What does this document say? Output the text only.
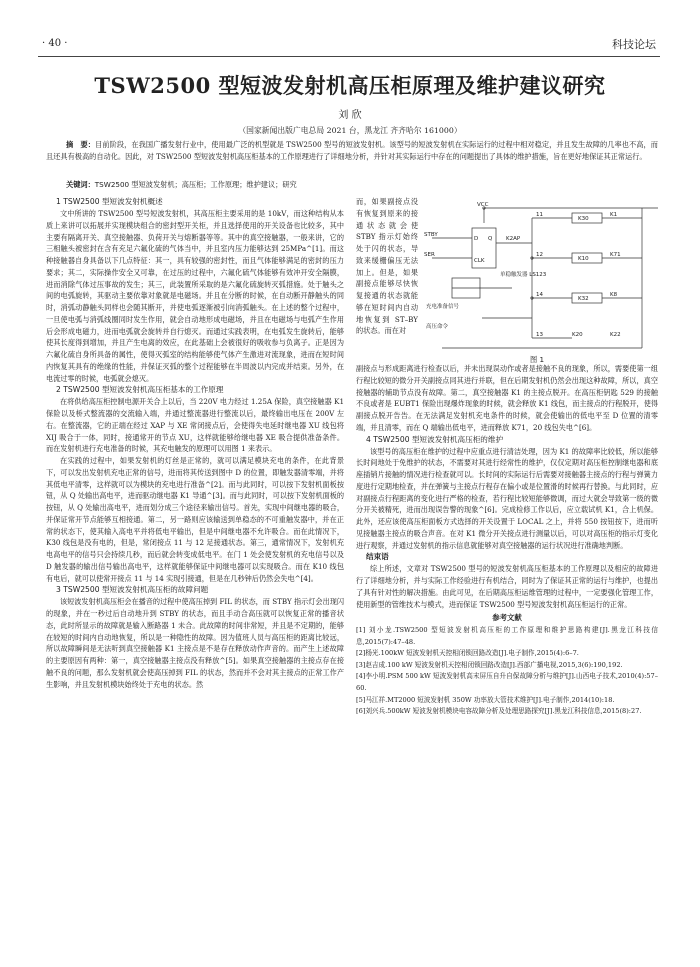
· 40 ·	科技论坛
TSW2500 型短波发射机高压柜原理及维护建议研究
刘 欣
（国家新闻出版广电总局 2021 台，黑龙江 齐齐哈尔 161000）
摘　要：目前阶段，在我国广播发射行业中，使用最广泛的机型就是 TSW2500 型号的短波发射机。该型号的短波发射机在实际运行的过程中相对稳定，并且发生故障的几率也不高，而且还具有极高的自动化。因此，对 TSW2500 型短波发射机高压柜基本的工作原理进行了详细地分析，并针对其实际运行中存在的问题提出了具体的维护措施，旨在更好地保证其正常运行。
关键词：TSW2500 型短波发射机；高压柜；工作原理；维护建议；研究
1 TSW2500 型短波发射机概述

文中所讲的 TSW2500 型号短波发射机，其高压柜主要采用的是 10kV，而这种结构从本质上来讲可以拓展并实现模块组合的密封型开关柜，并且选择使用的开关设备也比较多，其中主要有隔离开关、真空接触器、负荷开关与熔断器等等。其中的真空接触器，一般来讲，它的三相触头被密封在含有充足六氟化硫的气体当中，并且室内压力能够达到 25MPa^[1]。而这种接触器自身具备以下几点特征：其一，具有较强的密封性，而且气体能够满足的密封的压力要求；其二，实际操作安全又可靠，在过压的过程中，六氟化硫气体能够有效冲开安全隔膜，进而消除气体过压事故的发生；其三，此装置所采取的是六氟化硫旋转灭弧措施。处于触头之间的电弧旋转，其驱动主要依靠对象就是电磁场。并且在分断的时候，在自动断开静触头的同时，消弧动静触头同样也会随其断开，并使电弧逐渐被引向消弧触头。在上述的整个过程中，一旦使电弧与消弧线圈同时发生作用，就会自动地形成电磁场，并且在电磁场与电弧产生作用后会形成电磁力，进而电弧就会旋转并自行熄灭。而通过实践表明，在电弧发生旋转后，能够使其长度得到增加，并且产生电离的效应，在此基础上会被很好的吸收参与负离子。正是因为六氟化硫自身所具备的属性，使得灭弧室的结构能够使气体产生激进对流现象，进而在短时间内恢复其具有的绝缘的性能，并保证灭弧的整个过程能够在半周波以内完成并结束。另外，在电流过零的时候，电弧就会熄灭。

2 TSW2500 型短波发射机高压柜基本的工作原理

在将供给高压柜控制电源开关合上以后，当 220V 电力经过 1.25A 保险，真空接触器 K1 保险以及桥式整流器的交流输入端，并通过整流器进行整流以后，最终输出电压在 200V 左右。在整流器，它的正端在经过 XAP 与 XE 常闭接点后，会使得失电延时继电器 XU 线包将 XIJ 吸合于一体，同时，接通常开的节点 XU，这样就能够给继电器 XE 吸合提供准备条件。而在发射机进行充电准备的时候，其充电触发的原理可以用图 1 来表示。

在实践的过程中，如果发射机的灯丝是正常的，就可以满足模块充电的条件，在此背景下，可以发出发射机充电正常的信号，进而将其传送到图中 D 的位置，即触发器清零端，并将其低电平清零，这样就可以为模块的充电进行准备^[2]。而与此同时，可以按下发射机面板按钮，从 Q 处输出高电平，进而驱动继电器 K1 导通^[3]。而与此同时，可以按下发射机面板的按钮，从 Q 处输出高电平，进而划分成三个途径来输出信号。首先，实现中间继电器的吸合，并保证常开节点能够互相接通。第二，另一路则应该输送到单稳态的不可重触发器中，并在正常的状态下，使其输入高电平并将低电平输出，但是中间继电器不允许吸合。而在此情况下，K30 线包是没有电的，但是，常闭接点 11 与 12 足接通状态。第三，通常情况下，发射机充电高电平的信号只会持续几秒，而后就会转变成低电平。在门 1 处会使发射机的充电信号以及 D 触发器的输出信号输出高电平，这样就能够保证中间继电器可以实现吸合。而在 K10 线包有电后，就可以使常开接点 11 与 14 实现引接通，但是在几秒钟后仍然会失电^[4]。

3 TSW2500 型短波发射机高压柜的故障问题

该短波发射机高压柜会在播音的过程中使高压掉到 FIL 的状态，而 STBY 指示灯会出现闪的现象，并在一秒过后自动地升到 STBY 的状态，而且手动合高压就可以恢复正常的播音状态，此时所显示的故障就是输入断路器 1 未合。此故障的时间非常短，并且是不定期的，能够在较短的时间内自动地恢复，所以是一种隐性的故障。因为值班人员与高压柜的距离比较远，所以故障瞬间是无法听到真空接触器 K1 主接点是不是存在释放动作声音的。而产生上述故障的主要原因有两种：第一，真空接触器主接点没有释放^[5]。如果真空接触器的主接点存在接触不良的问题，那么发射机就会使高压掉到 FIL 的状态，然而并不会对其主接点的正常工作产生影响，并且发射机模块始终处于充电的状态。然

而，如果副接点没有恢复到原来的接通状态就会使 STBY 指示灯始终处于闪的状态，导致来缓栅偏压无法加上。但是，如果副接点能够尽快恢复接通的状态就能够在短时间内自动地恢复到 ST–BY 的状态。而在对

VCC
STBY
SER
D Q
CLK
K30
K10
K32
K2AP
单稳触发器 LS123
充电准备信号
高压命令
K1
K71
K8
K20	K22
11
12
14
13
图 1

副接点与形成距离进行检查以后，并未出现误动作或者是接触不良的现象，所以，需要使第一组行程比较短的微分开关副接点同其进行并联，但在后期发射机仍然会出现这种故障，所以，真空接触器的辅助节点没有故障。第二，真空接触器 K1 的主接点脱开。在高压柜钥匙 529 的接触不良或者是 EUBT1 保险出现爆炸现象的时候，就会释放 K1 线包，而主接点的行程脱开，使得副接点脱开告告。在无法满足发射机充电条件的时候，就会使输出的低电平至 D 位置的清零端，并且清零，而在 Q 端输出低电平，进而释放 K71，20 线包失电^[6]。

4 TSW2500 型短波发射机高压柜的维护

该型号的高压柜在维护的过程中应重点进行清洁处理，因为 K1 的故障率比较低，所以能够长时间地处于免维护的状态，不需要对其进行经常性的维护，仅仅定期对高压柜控制继电器和底座插销片接触的情况进行检查就可以。长时间的实际运行后需要对接触器主接点的行程与弹簧力度进行定期地检查，并在弹簧与主接点行程存在偏小或是位置滑的时候再行替换。与此同时，应对副接点行程距离的变化进行严格的检查，若行程比较短能够微调，而过大就会导致第一级的微分开关被精死，进而出现误告警的现象^[6]。完成检修工作以后，应立载试机 K1，合上机保。此外，还应该使高压柜面板方式选择的开关设置于 LOCAL 之上，并将 550 按钮按下，进而听见接触器主接点的吸合声音。在对 K1 微分开关接点进行测量以后，可以对高压柜的指示灯变化进行观察，并通过发射机的指示信息就能够对真空接触器的运行状况进行准确地判断。

结束语

综上所述，文章对 TSW2500 型号的短波发射机高压柜基本的工作原理以及相应的故障进行了详细地分析，并与实际工作经验进行有机结合，同时为了保证其正常的运行与维护，也提出了具有针对性的解决措施。由此可见，在后期高压柜运维管理的过程中，一定要强化管理工作，使用新型的管维技术与模式，进而保证 TSW2500 型号短波发射机高压柜运行的正常。

参考文献
[1] 刘小龙.TSW2500 型短波发射机高压柜的工作原理和维护思路构建[J].黑龙江科技信息,2015(7):47–48.
[2]杨光.100kW 短波发射机天控相闭锁回路改造[J].电子制作,2015(4):6–7.
[3]赵吉成.100 kW 短波发射机天控相闭锁回路改造[J].西部广播电视,2015,3(6):190,192.
[4]李小明.PSM 500 kW 短波发射机高末屏压自升自保故障分析与维护[J].山西电子技术,2010(4):57–60.
[5]马江祥.MT2000 短波发射机 350W 功率放大管技术维护[J].电子制作,2014(10):18.
[6]刘兴兵.500kW 短波发射机模块电容故障分析及处理思路探究[J].黑龙江科技信息,2015(8):27.
